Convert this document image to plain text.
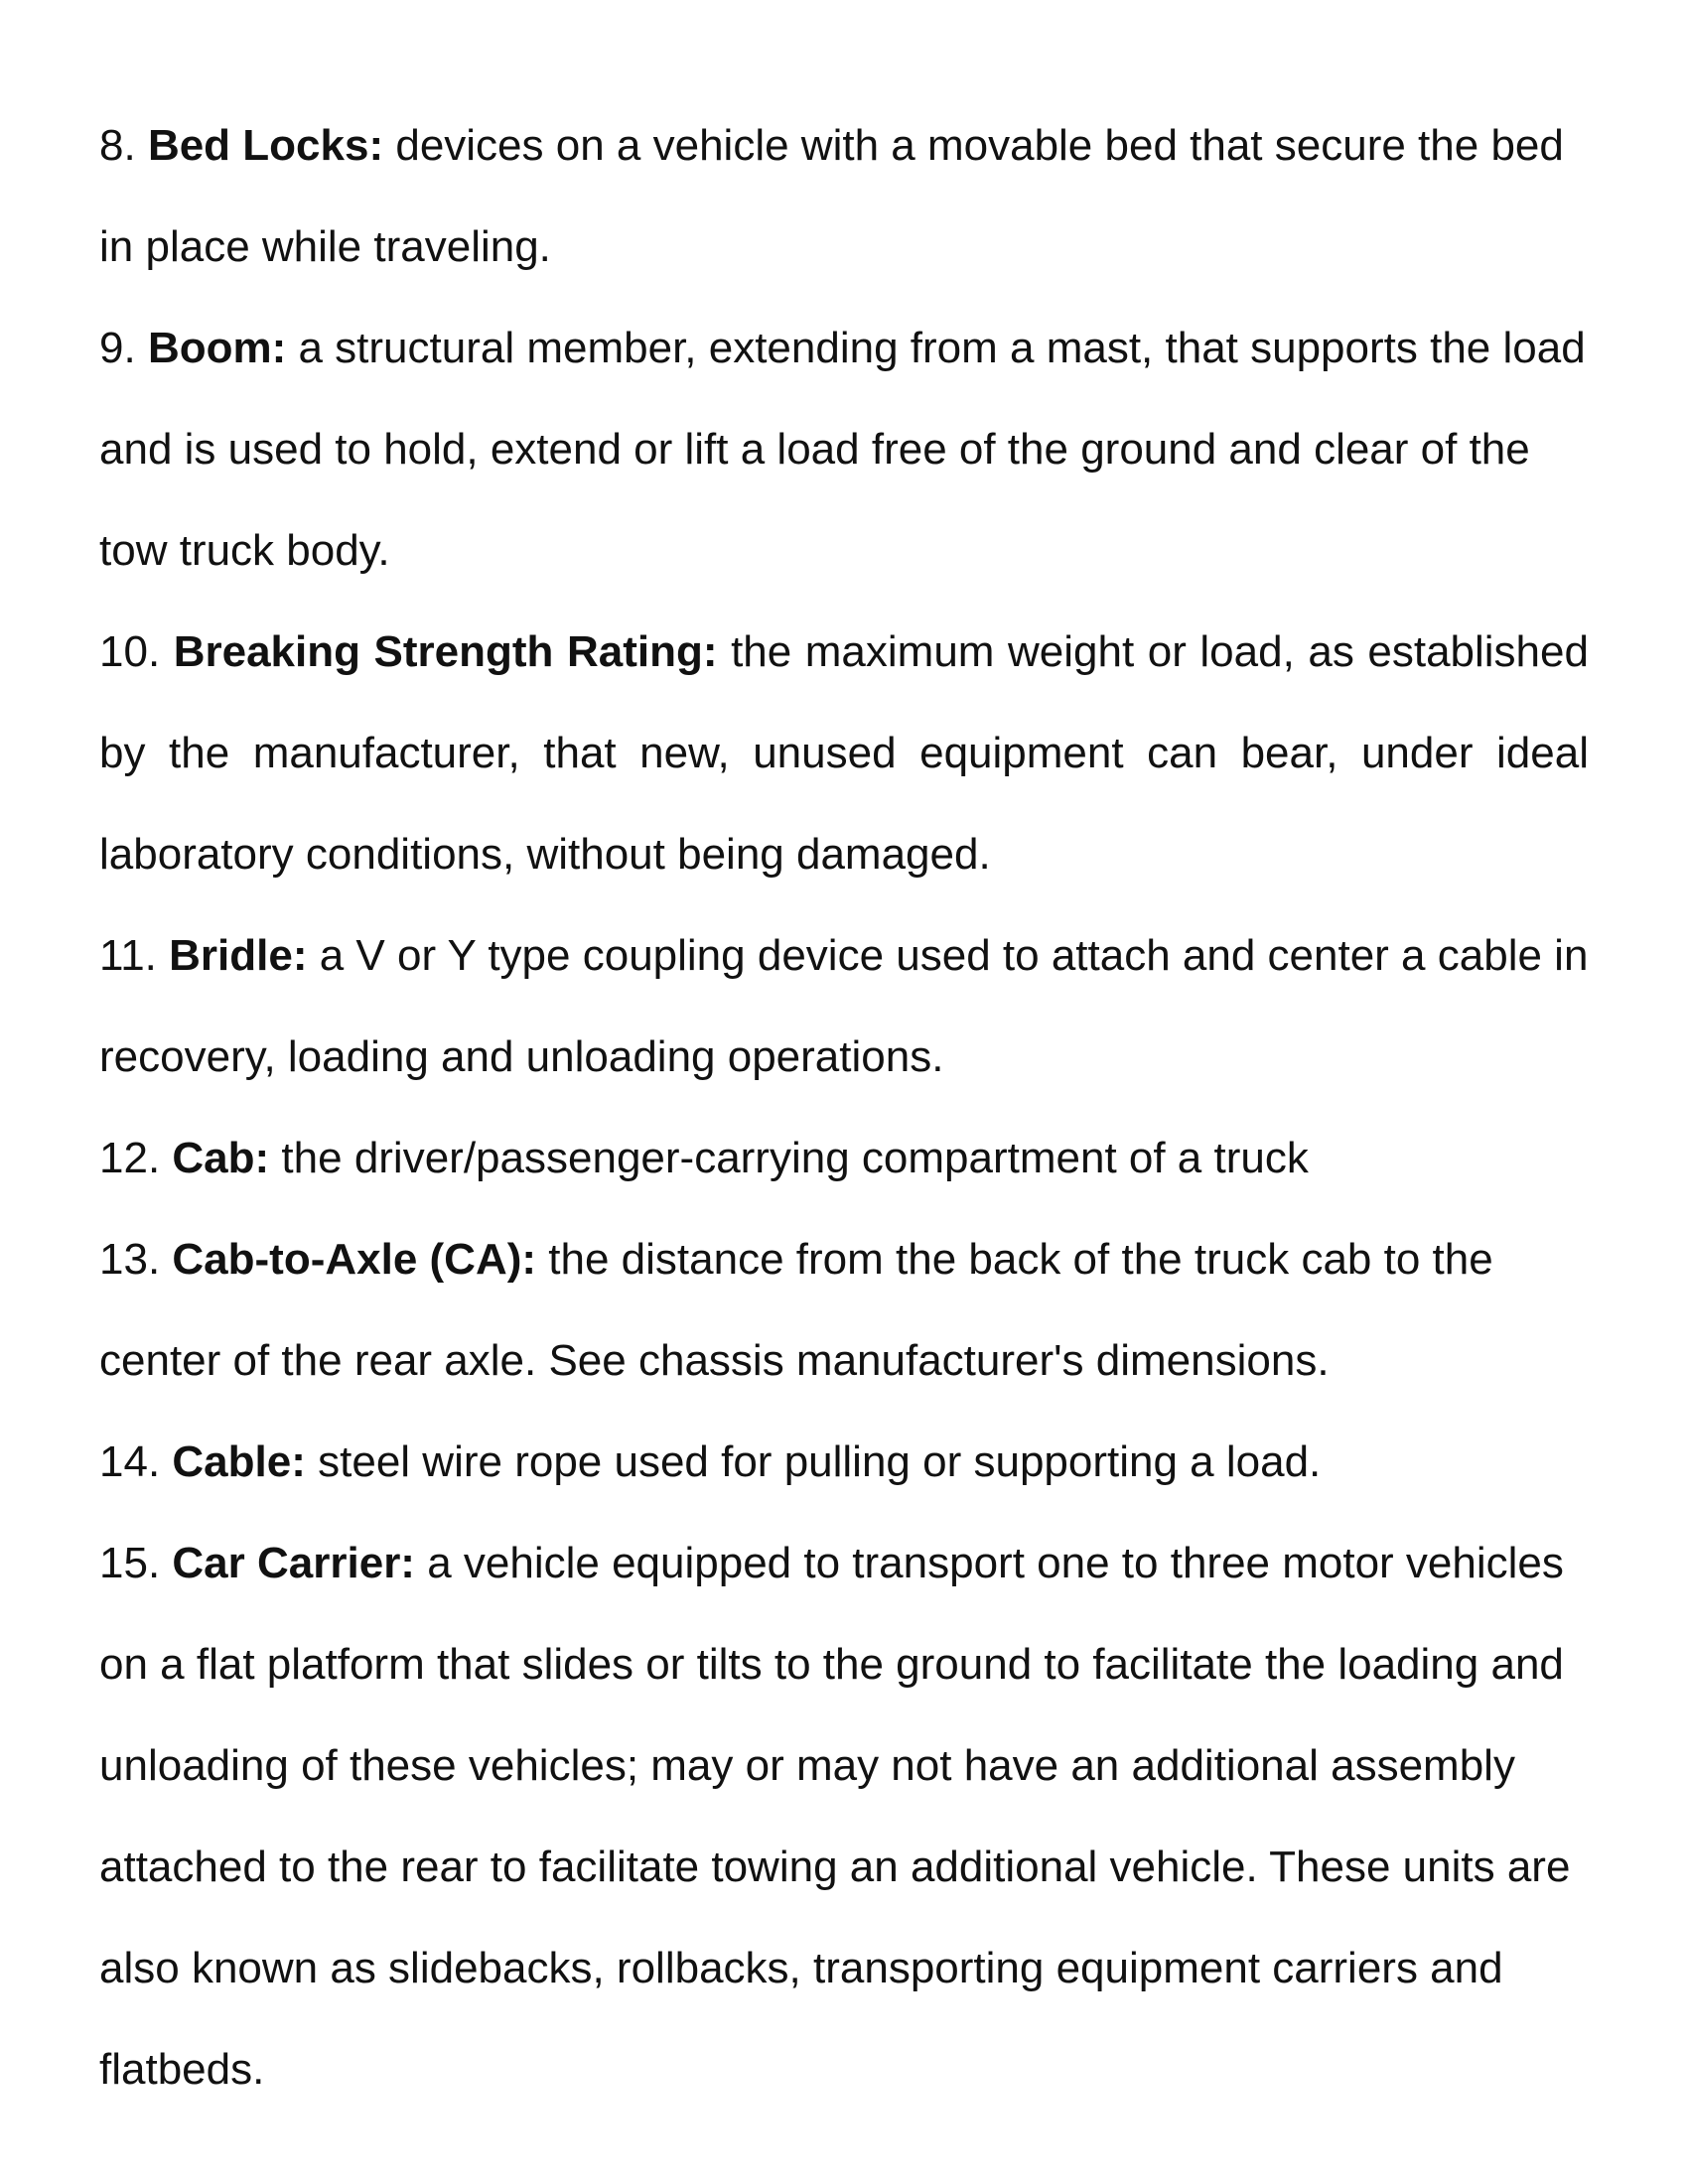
8. Bed Locks: devices on a vehicle with a movable bed that secure the bed in place while traveling.

9. Boom: a structural member, extending from a mast, that supports the load and is used to hold, extend or lift a load free of the ground and clear of the tow truck body.

10. Breaking Strength Rating: the maximum weight or load, as established by the manufacturer, that new, unused equipment can bear, under ideal laboratory conditions, without being damaged.

11. Bridle: a V or Y type coupling device used to attach and center a cable in recovery, loading and unloading operations.

12. Cab: the driver/passenger-carrying compartment of a truck

13. Cab-to-Axle (CA): the distance from the back of the truck cab to the center of the rear axle. See chassis manufacturer's dimensions.

14. Cable: steel wire rope used for pulling or supporting a load.

15. Car Carrier: a vehicle equipped to transport one to three motor vehicles on a flat platform that slides or tilts to the ground to facilitate the loading and unloading of these vehicles; may or may not have an additional assembly attached to the rear to facilitate towing an additional vehicle. These units are also known as slidebacks, rollbacks, transporting equipment carriers and flatbeds.
